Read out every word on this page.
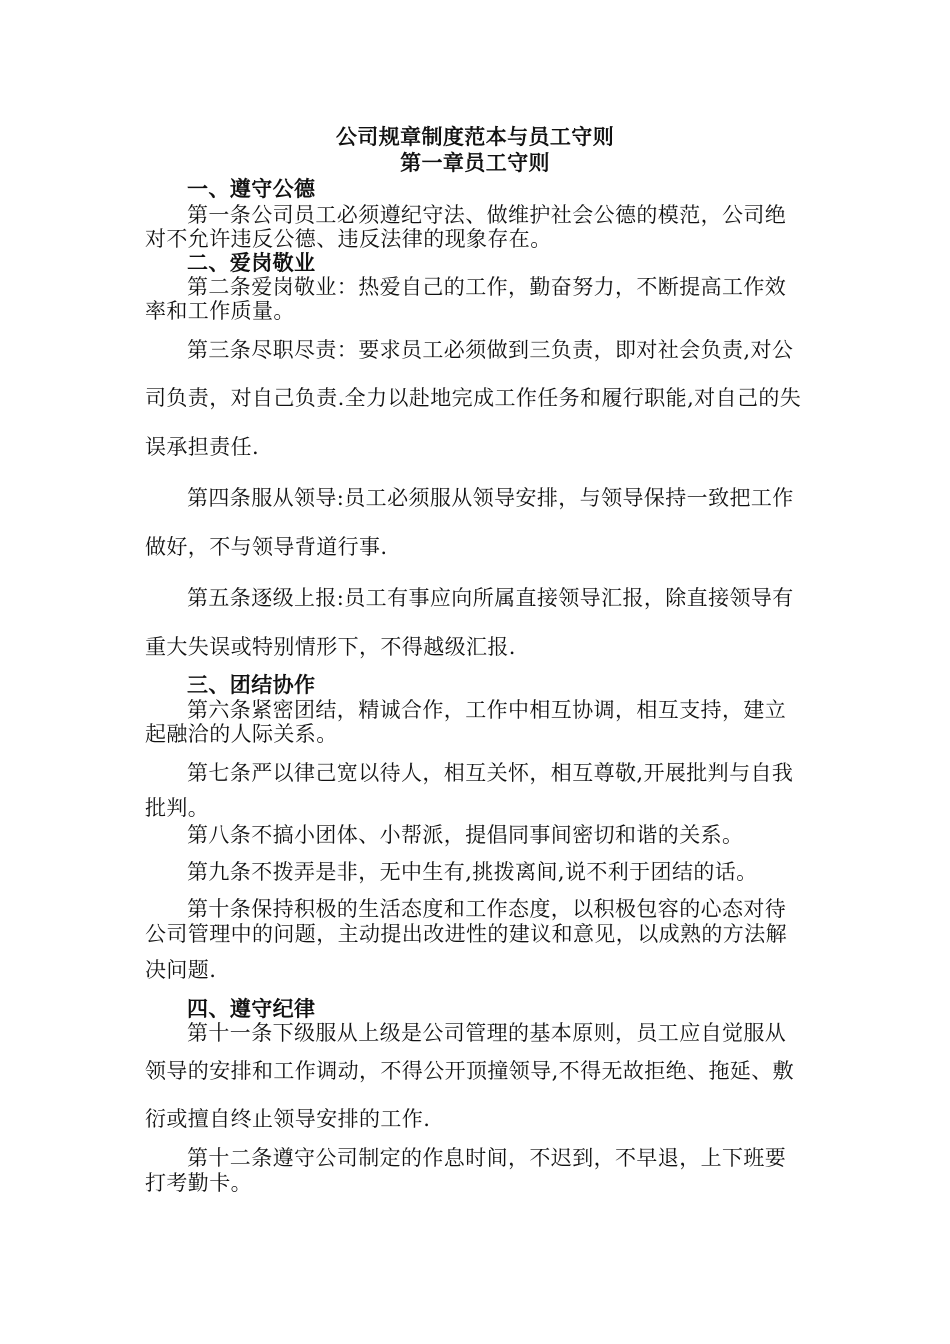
公司规章制度范本与员工守则
第一章员工守则
一、遵守公德
第一条公司员工必须遵纪守法、做维护社会公德的模范，公司绝
对不允许违反公德、违反法律的现象存在。
二、爱岗敬业
第二条爱岗敬业：热爱自己的工作，勤奋努力，不断提高工作效
率和工作质量。
第三条尽职尽责：要求员工必须做到三负责，即对社会负责,对公
司负责，对自己负责.全力以赴地完成工作任务和履行职能,对自己的失
误承担责任.
第四条服从领导:员工必须服从领导安排，与领导保持一致把工作
做好，不与领导背道行事.
第五条逐级上报:员工有事应向所属直接领导汇报，除直接领导有
重大失误或特别情形下，不得越级汇报.
三、团结协作
第六条紧密团结，精诚合作，工作中相互协调，相互支持，建立
起融洽的人际关系。
第七条严以律己宽以待人，相互关怀，相互尊敬,开展批判与自我
批判。
第八条不搞小团体、小帮派，提倡同事间密切和谐的关系。
第九条不拨弄是非，无中生有,挑拨离间,说不利于团结的话。
第十条保持积极的生活态度和工作态度，以积极包容的心态对待
公司管理中的问题，主动提出改进性的建议和意见，以成熟的方法解
决问题.
四、遵守纪律
第十一条下级服从上级是公司管理的基本原则，员工应自觉服从
领导的安排和工作调动，不得公开顶撞领导,不得无故拒绝、拖延、敷
衍或擅自终止领导安排的工作.
第十二条遵守公司制定的作息时间，不迟到，不早退，上下班要
打考勤卡。
